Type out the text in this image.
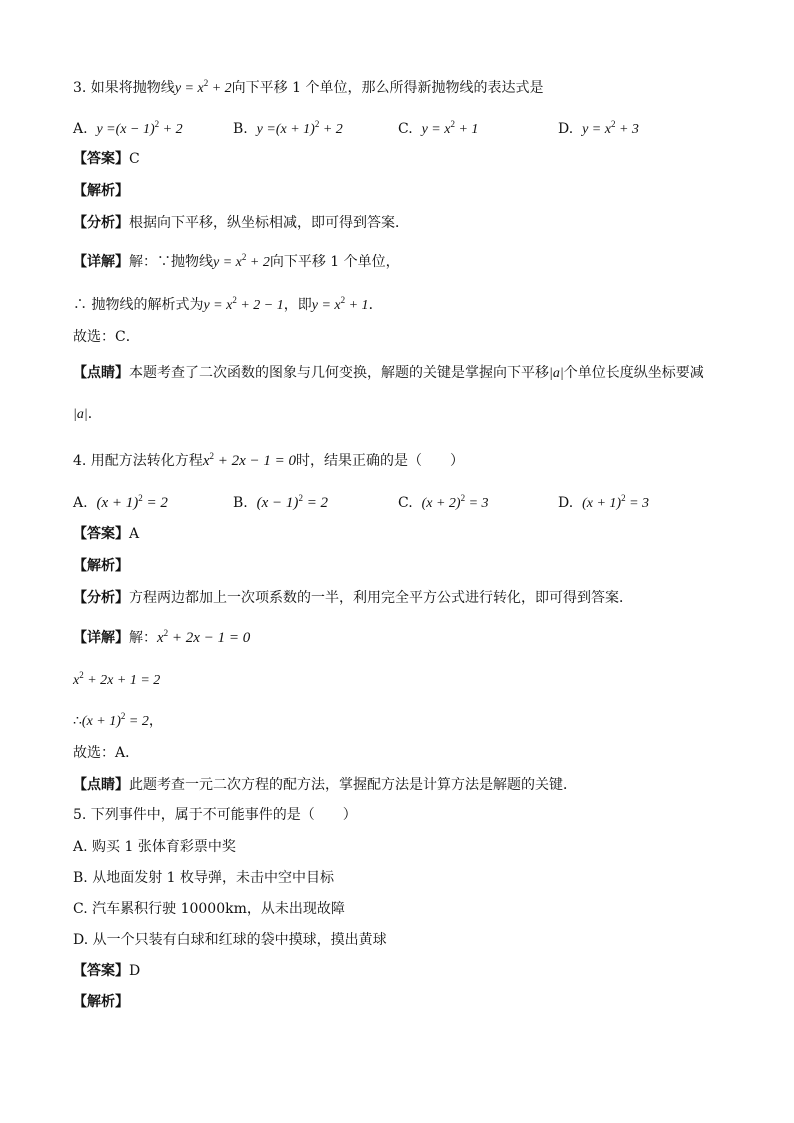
3. 如果将抛物线$y = x^2 + 2$向下平移 1 个单位，那么所得新抛物线的表达式是
A. $y =(x - 1)^2 + 2$	B. $y =(x + 1)^2 + 2$	C. $y = x^2 + 1$	D. $y = x^2 + 3$
【答案】C
【解析】
【分析】根据向下平移，纵坐标相减，即可得到答案．
【详解】解：∵抛物线$y = x^2 + 2$向下平移 1 个单位，
∴ 抛物线的解析式为$y = x^2 + 2 - 1$，即$y = x^2 + 1$．
故选：C．
【点睛】本题考查了二次函数的图象与几何变换，解题的关键是掌握向下平移|a|个单位长度纵坐标要减
|a|．
4. 用配方法转化方程$x^2 + 2x - 1 = 0$时，结果正确的是（　　）
A. $(x + 1)^2 = 2$	B. $(x - 1)^2 = 2$	C. $(x + 2)^2 = 3$	D. $(x + 1)^2 = 3$
【答案】A
【解析】
【分析】方程两边都加上一次项系数的一半，利用完全平方公式进行转化，即可得到答案．
【详解】解：$x^2 + 2x - 1 = 0$
$x^2 + 2x + 1 = 2$
∴(x + 1)$^2$ = 2，
故选：A．
【点睛】此题考查一元二次方程的配方法，掌握配方法是计算方法是解题的关键．
5. 下列事件中，属于不可能事件的是（　　）
A. 购买 1 张体育彩票中奖
B. 从地面发射 1 枚导弹，未击中空中目标
C. 汽车累积行驶 10000km，从未出现故障
D. 从一个只装有白球和红球的袋中摸球，摸出黄球
【答案】D
【解析】
